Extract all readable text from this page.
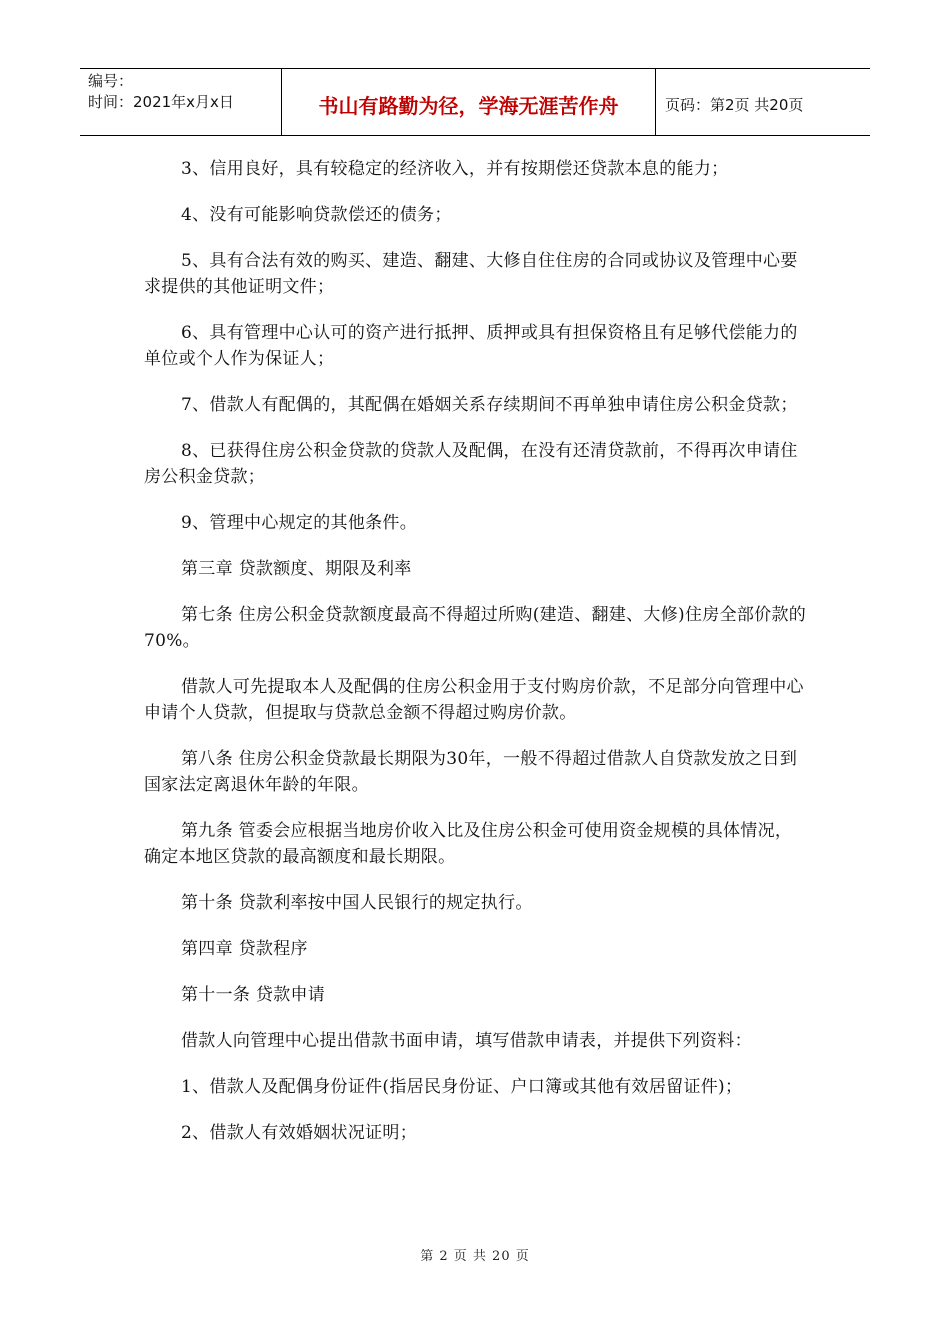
编号：
时间：2021年x月x日	书山有路勤为径，学海无涯苦作舟	页码：第2页 共20页

3、信用良好，具有较稳定的经济收入，并有按期偿还贷款本息的能力；

4、没有可能影响贷款偿还的债务；

5、具有合法有效的购买、建造、翻建、大修自住住房的合同或协议及管理中心要求提供的其他证明文件；

6、具有管理中心认可的资产进行抵押、质押或具有担保资格且有足够代偿能力的单位或个人作为保证人；

7、借款人有配偶的，其配偶在婚姻关系存续期间不再单独申请住房公积金贷款；

8、已获得住房公积金贷款的贷款人及配偶，在没有还清贷款前，不得再次申请住房公积金贷款；

9、管理中心规定的其他条件。

第三章 贷款额度、期限及利率

第七条 住房公积金贷款额度最高不得超过所购(建造、翻建、大修)住房全部价款的70%。

借款人可先提取本人及配偶的住房公积金用于支付购房价款，不足部分向管理中心申请个人贷款，但提取与贷款总金额不得超过购房价款。

第八条 住房公积金贷款最长期限为30年，一般不得超过借款人自贷款发放之日到国家法定离退休年龄的年限。

第九条 管委会应根据当地房价收入比及住房公积金可使用资金规模的具体情况，确定本地区贷款的最高额度和最长期限。

第十条 贷款利率按中国人民银行的规定执行。

第四章 贷款程序

第十一条 贷款申请

借款人向管理中心提出借款书面申请，填写借款申请表，并提供下列资料：

1、借款人及配偶身份证件(指居民身份证、户口簿或其他有效居留证件)；

2、借款人有效婚姻状况证明；

第 2 页 共 20 页
